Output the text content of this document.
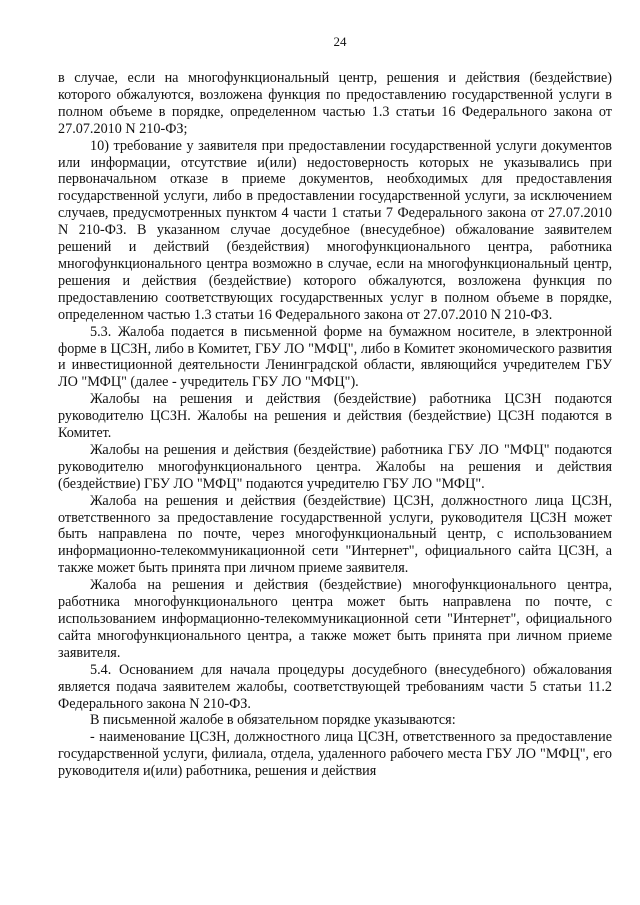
24

в случае, если на многофункциональный центр, решения и действия (бездействие) которого обжалуются, возложена функция по предоставлению государственной услуги в полном объеме в порядке, определенном частью 1.3 статьи 16 Федерального закона от 27.07.2010 N 210-ФЗ;

10) требование у заявителя при предоставлении государственной услуги документов или информации, отсутствие и(или) недостоверность которых не указывались при первоначальном отказе в приеме документов, необходимых для предоставления государственной услуги, либо в предоставлении государственной услуги, за исключением случаев, предусмотренных пунктом 4 части 1 статьи 7 Федерального закона от 27.07.2010 N 210-ФЗ. В указанном случае досудебное (внесудебное) обжалование заявителем решений и действий (бездействия) многофункционального центра, работника многофункционального центра возможно в случае, если на многофункциональный центр, решения и действия (бездействие) которого обжалуются, возложена функция по предоставлению соответствующих государственных услуг в полном объеме в порядке, определенном частью 1.3 статьи 16 Федерального закона от 27.07.2010 N 210-ФЗ.

5.3. Жалоба подается в письменной форме на бумажном носителе, в электронной форме в ЦСЗН, либо в Комитет, ГБУ ЛО "МФЦ", либо в Комитет экономического развития и инвестиционной деятельности Ленинградской области, являющийся учредителем ГБУ ЛО "МФЦ" (далее - учредитель ГБУ ЛО "МФЦ").

Жалобы на решения и действия (бездействие) работника ЦСЗН подаются руководителю ЦСЗН. Жалобы на решения и действия (бездействие) ЦСЗН подаются в Комитет.

Жалобы на решения и действия (бездействие) работника ГБУ ЛО "МФЦ" подаются руководителю многофункционального центра. Жалобы на решения и действия (бездействие) ГБУ ЛО "МФЦ" подаются учредителю ГБУ ЛО "МФЦ".

Жалоба на решения и действия (бездействие) ЦСЗН, должностного лица ЦСЗН, ответственного за предоставление государственной услуги, руководителя ЦСЗН может быть направлена по почте, через многофункциональный центр, с использованием информационно-телекоммуникационной сети "Интернет", официального сайта ЦСЗН, а также может быть принята при личном приеме заявителя.

Жалоба на решения и действия (бездействие) многофункционального центра, работника многофункционального центра может быть направлена по почте, с использованием информационно-телекоммуникационной сети "Интернет", официального сайта многофункционального центра, а также может быть принята при личном приеме заявителя.

5.4. Основанием для начала процедуры досудебного (внесудебного) обжалования является подача заявителем жалобы, соответствующей требованиям части 5 статьи 11.2 Федерального закона N 210-ФЗ.

В письменной жалобе в обязательном порядке указываются:

- наименование ЦСЗН, должностного лица ЦСЗН, ответственного за предоставление государственной услуги, филиала, отдела, удаленного рабочего места ГБУ ЛО "МФЦ", его руководителя и(или) работника, решения и действия
